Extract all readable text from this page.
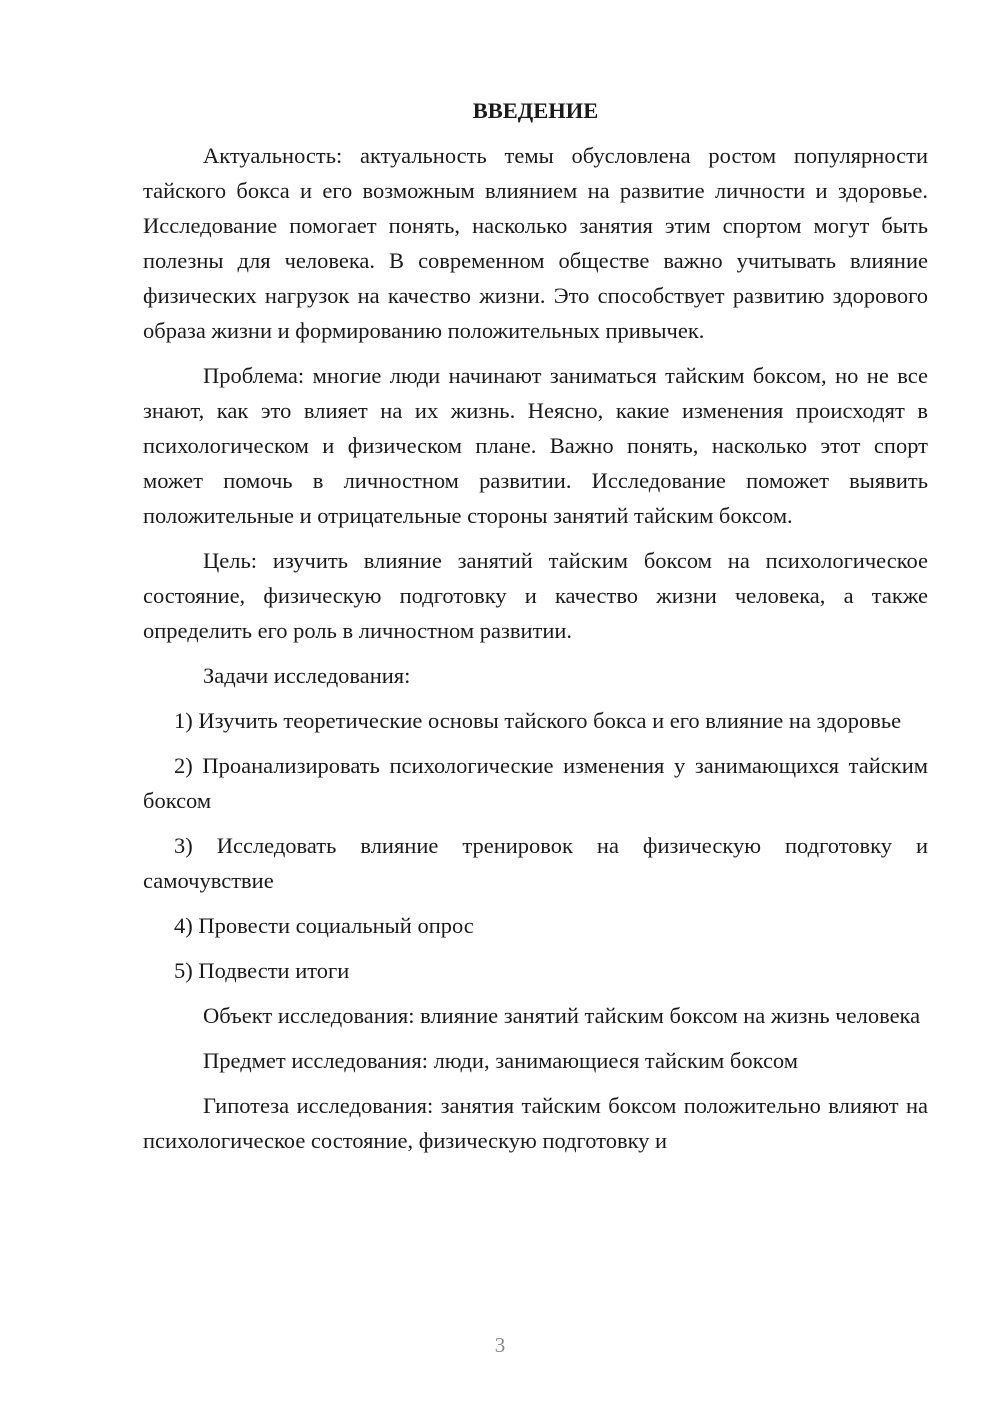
ВВЕДЕНИЕ

Актуальность: актуальность темы обусловлена ростом популярности тайского бокса и его возможным влиянием на развитие личности и здоровье. Исследование помогает понять, насколько занятия этим спортом могут быть полезны для человека. В современном обществе важно учитывать влияние физических нагрузок на качество жизни. Это способствует развитию здорового образа жизни и формированию положительных привычек.

Проблема: многие люди начинают заниматься тайским боксом, но не все знают, как это влияет на их жизнь. Неясно, какие изменения происходят в психологическом и физическом плане. Важно понять, насколько этот спорт может помочь в личностном развитии. Исследование поможет выявить положительные и отрицательные стороны занятий тайским боксом.

Цель: изучить влияние занятий тайским боксом на психологическое состояние, физическую подготовку и качество жизни человека, а также определить его роль в личностном развитии.

Задачи исследования:

1) Изучить теоретические основы тайского бокса и его влияние на здоровье

2) Проанализировать психологические изменения у занимающихся тайским боксом

3) Исследовать влияние тренировок на физическую подготовку и самочувствие

4) Провести социальный опрос

5) Подвести итоги

Объект исследования: влияние занятий тайским боксом на жизнь человека

Предмет исследования: люди, занимающиеся тайским боксом

Гипотеза исследования: занятия тайским боксом положительно влияют на психологическое состояние, физическую подготовку и

3
